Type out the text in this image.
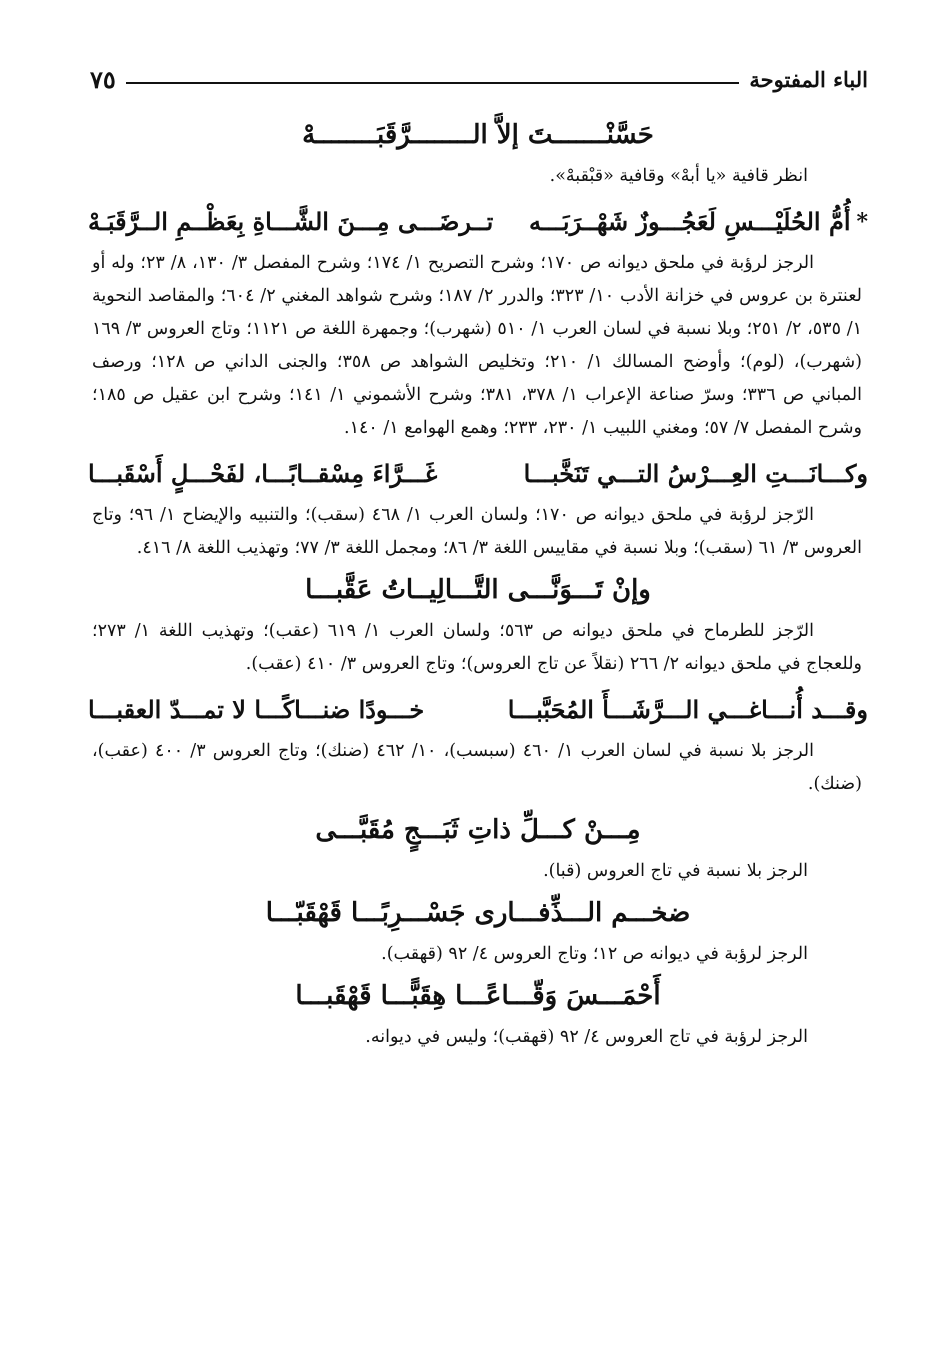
الباء المفتوحة
٧٥
حَسَّنْـــــــتَ إلاَّ الــــــــرَّقَبَــــــــهْ
انظر قافية «يا أبهْ» وقافية «قبْقبهْ».
*
أُمُّ الحُلَيْـــسِ لَعَجُـــوزٌ شَهْــرَبَـــه
تــرضَـــى مِـــنَ الشَّـــاةِ بِعَظْــمِ الــرَّقَبَـهْ
الرجز لرؤبة في ملحق ديوانه ص ١٧٠؛ وشرح التصريح ١/ ١٧٤؛ وشرح المفصل ٣/ ١٣٠، ٨/ ٢٣؛ وله أو لعنترة بن عروس في خزانة الأدب ١٠/ ٣٢٣؛ والدرر ٢/ ١٨٧؛ وشرح شواهد المغني ٢/ ٦٠٤؛ والمقاصد النحوية ١/ ٥٣٥، ٢/ ٢٥١؛ وبلا نسبة في لسان العرب ١/ ٥١٠ (شهرب)؛ وجمهرة اللغة ص ١١٢١؛ وتاج العروس ٣/ ١٦٩ (شهرب)، (لوم)؛ وأوضح المسالك ١/ ٢١٠؛ وتخليص الشواهد ص ٣٥٨؛ والجنى الداني ص ١٢٨؛ ورصف المباني ص ٣٣٦؛ وسرّ صناعة الإعراب ١/ ٣٧٨، ٣٨١؛ وشرح الأشموني ١/ ١٤١؛ وشرح ابن عقيل ص ١٨٥؛ وشرح المفصل ٧/ ٥٧؛ ومغني اللبيب ١/ ٢٣٠، ٢٣٣؛ وهمع الهوامع ١/ ١٤٠.
وكـــانَـــتِ العِـــرْسُ التـــي تَنَخَّبـــا
غَـــرَّاءَ مِسْقــابًـــا، لفَحْـــلٍ أَسْقَبـــا
الرّجز لرؤبة في ملحق ديوانه ص ١٧٠؛ ولسان العرب ١/ ٤٦٨ (سقب)؛ والتنبيه والإيضاح ١/ ٩٦؛ وتاج العروس ٣/ ٦١ (سقب)؛ وبلا نسبة في مقاييس اللغة ٣/ ٨٦؛ ومجمل اللغة ٣/ ٧٧؛ وتهذيب اللغة ٨/ ٤١٦.
وإنْ تَـــوَنَّـــى التَّـــالِيــاتُ عَقَّبـــا
الرّجز للطرماح في ملحق ديوانه ص ٥٦٣؛ ولسان العرب ١/ ٦١٩ (عقب)؛ وتهذيب اللغة ١/ ٢٧٣؛ وللعجاج في ملحق ديوانه ٢/ ٢٦٦ (نقلاً عن تاج العروس)؛ وتاج العروس ٣/ ٤١٠ (عقب).
وقـــد أُنـــاغـــي الـــرَّشَـــأَ المُحَبَّبـــا
خـــودًا ضنـــاكًـــا لا تمـــدّ العقبـــا
الرجز بلا نسبة في لسان العرب ١/ ٤٦٠ (سبسب)، ١٠/ ٤٦٢ (ضنك)؛ وتاج العروس ٣/ ٤٠٠ (عقب)، (ضنك).
مِـــنْ كـــلِّ ذاتِ ثَبَـــجٍ مُقَبَّـــى
الرجز بلا نسبة في تاج العروس (قبا).
ضخـــم الـــذِّفـــارى جَسْـــرِبًـــا قَهْقَبّـــا
الرجز لرؤبة في ديوانه ص ١٢؛ وتاج العروس ٤/ ٩٢ (قهقب).
أَحْمَـــسَ وَقّـــاعًـــا هِقَبًّـــا قَهْقَبـــا
الرجز لرؤبة في تاج العروس ٤/ ٩٢ (قهقب)؛ وليس في ديوانه.
